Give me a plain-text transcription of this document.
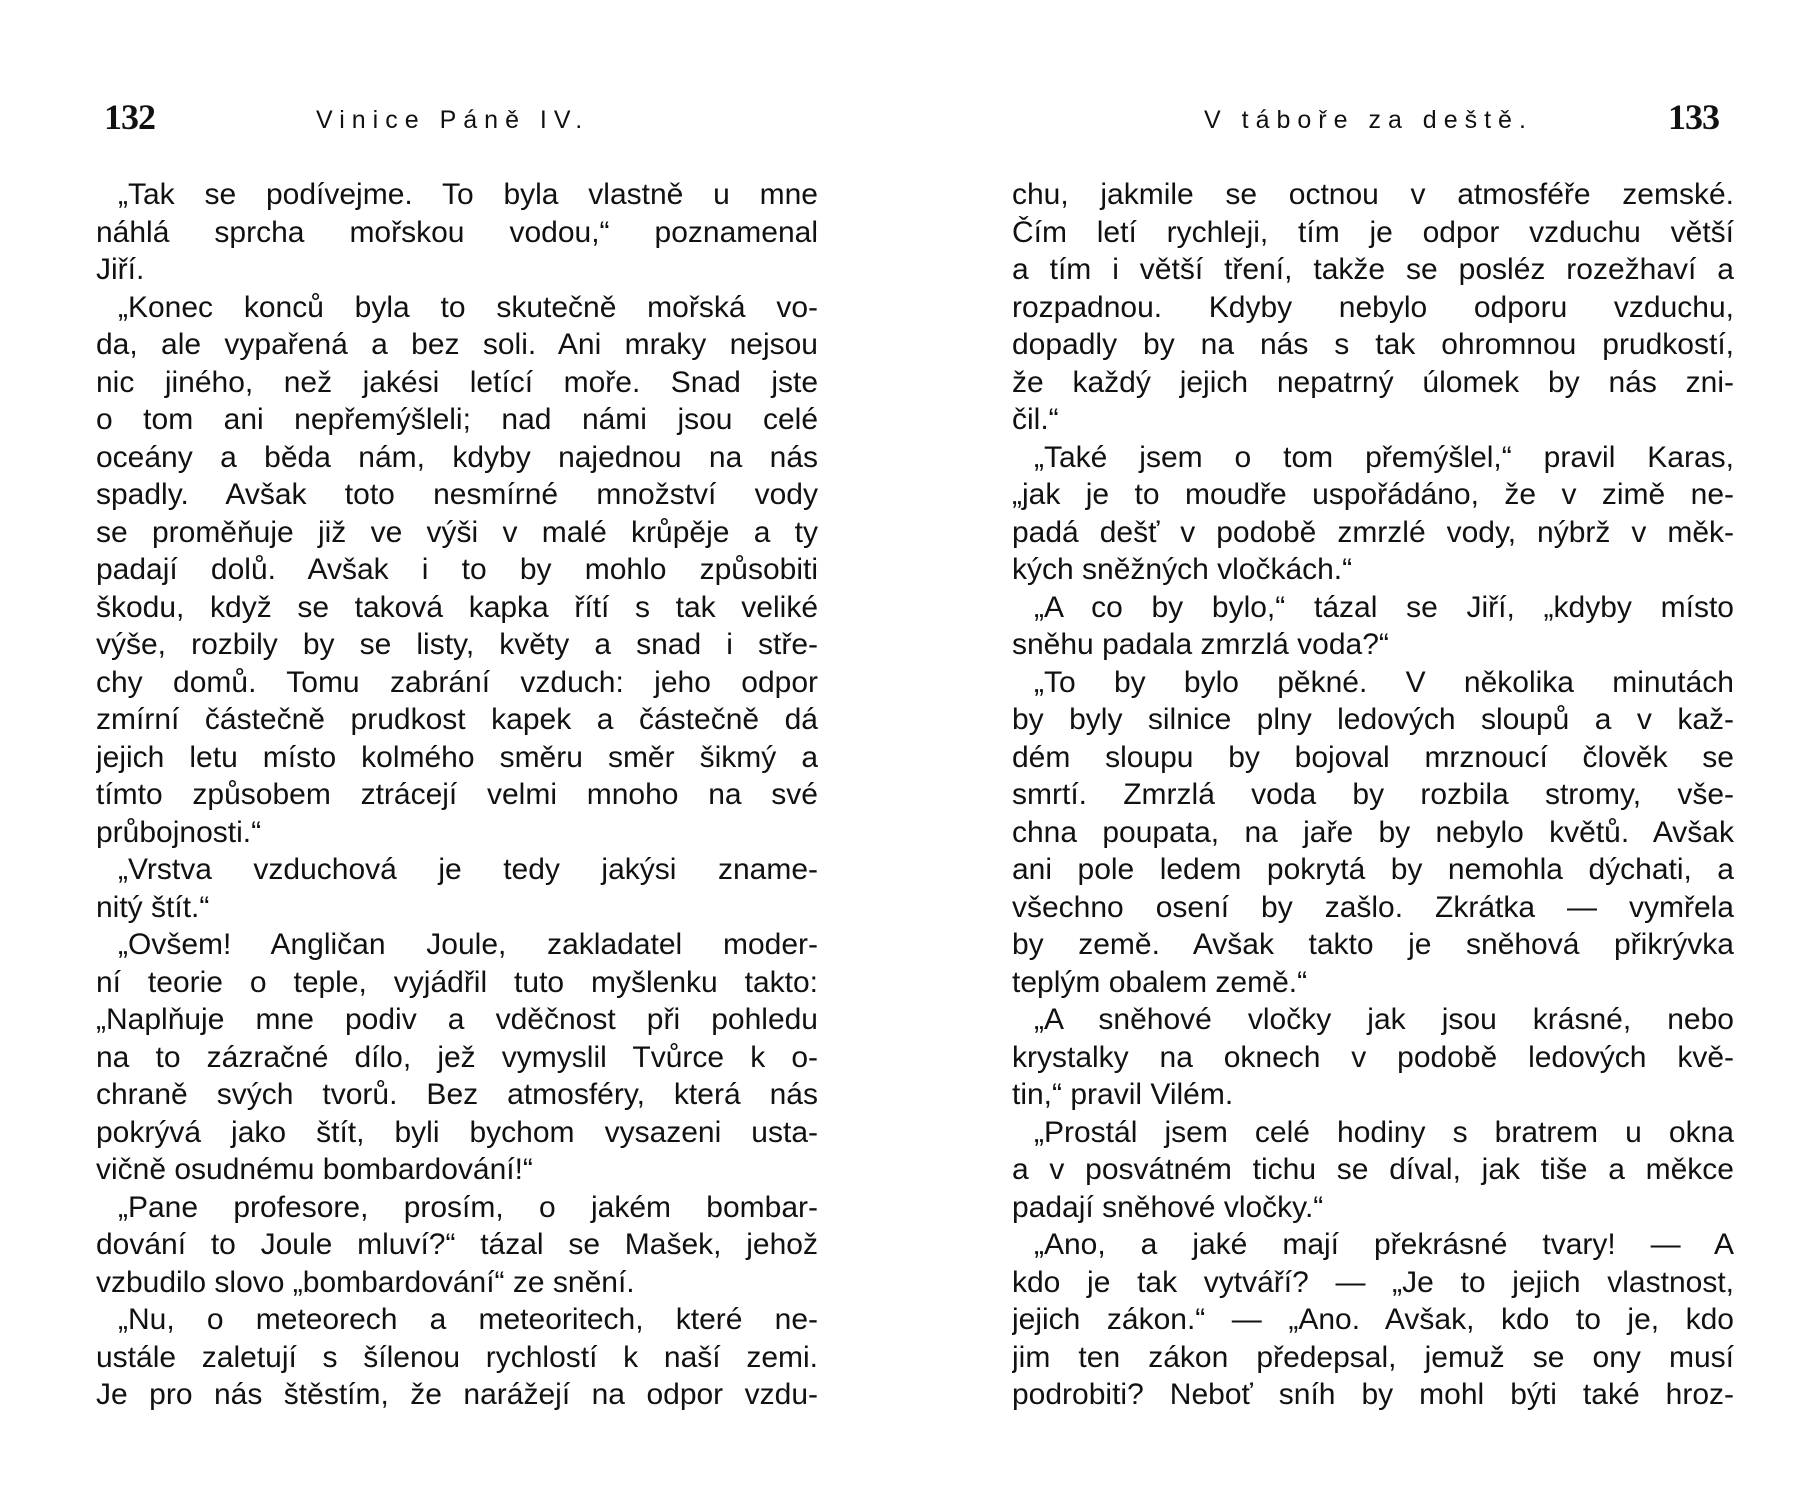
132	Vinice Páně IV.
„Tak se podívejme. To byla vlastně u mne
náhlá sprcha mořskou vodou,“ poznamenal
Jiří.
„Konec konců byla to skutečně mořská vo-
da, ale vypařená a bez soli. Ani mraky nejsou
nic jiného, než jakési letící moře. Snad jste
o tom ani nepřemýšleli; nad námi jsou celé
oceány a běda nám, kdyby najednou na nás
spadly. Avšak toto nesmírné množství vody
se proměňuje již ve výši v malé krůpěje a ty
padají dolů. Avšak i to by mohlo způsobiti
škodu, když se taková kapka řítí s tak veliké
výše, rozbily by se listy, květy a snad i stře-
chy domů. Tomu zabrání vzduch: jeho odpor
zmírní částečně prudkost kapek a částečně dá
jejich letu místo kolmého směru směr šikmý a
tímto způsobem ztrácejí velmi mnoho na své
průbojnosti.“
„Vrstva vzduchová je tedy jakýsi zname-
nitý štít.“
„Ovšem! Angličan Joule, zakladatel moder-
ní teorie o teple, vyjádřil tuto myšlenku takto:
„Naplňuje mne podiv a vděčnost při pohledu
na to zázračné dílo, jež vymyslil Tvůrce k o-
chraně svých tvorů. Bez atmosféry, která nás
pokrývá jako štít, byli bychom vysazeni usta-
vičně osudnému bombardování!“
„Pane profesore, prosím, o jakém bombar-
dování to Joule mluví?“ tázal se Mašek, jehož
vzbudilo slovo „bombardování“ ze snění.
„Nu, o meteorech a meteoritech, které ne-
ustále zaletují s šílenou rychlostí k naší zemi.
Je pro nás štěstím, že narážejí na odpor vzdu-
133
V táboře za deště.
chu, jakmile se octnou v atmosféře zemské.
Čím letí rychleji, tím je odpor vzduchu větší
a tím i větší tření, takže se posléz rozežhaví a
rozpadnou. Kdyby nebylo odporu vzduchu,
dopadly by na nás s tak ohromnou prudkostí,
že každý jejich nepatrný úlomek by nás zni-
čil.“
„Také jsem o tom přemýšlel,“ pravil Karas,
„jak je to moudře uspořádáno, že v zimě ne-
padá dešť v podobě zmrzlé vody, nýbrž v měk-
kých sněžných vločkách.“
„A co by bylo,“ tázal se Jiří, „kdyby místo
sněhu padala zmrzlá voda?“
„To by bylo pěkné. V několika minutách
by byly silnice plny ledových sloupů a v kaž-
dém sloupu by bojoval mrznoucí člověk se
smrtí. Zmrzlá voda by rozbila stromy, vše-
chna poupata, na jaře by nebylo květů. Avšak
ani pole ledem pokrytá by nemohla dýchati, a
všechno osení by zašlo. Zkrátka — vymřela
by země. Avšak takto je sněhová přikrývka
teplým obalem země.“
„A sněhové vločky jak jsou krásné, nebo
krystalky na oknech v podobě ledových kvě-
tin,“ pravil Vilém.
„Prostál jsem celé hodiny s bratrem u okna
a v posvátném tichu se díval, jak tiše a měkce
padají sněhové vločky.“
„Ano, a jaké mají překrásné tvary! — A
kdo je tak vytváří? — „Je to jejich vlastnost,
jejich zákon.“ — „Ano. Avšak, kdo to je, kdo
jim ten zákon předepsal, jemuž se ony musí
podrobiti? Neboť sníh by mohl býti také hroz-
